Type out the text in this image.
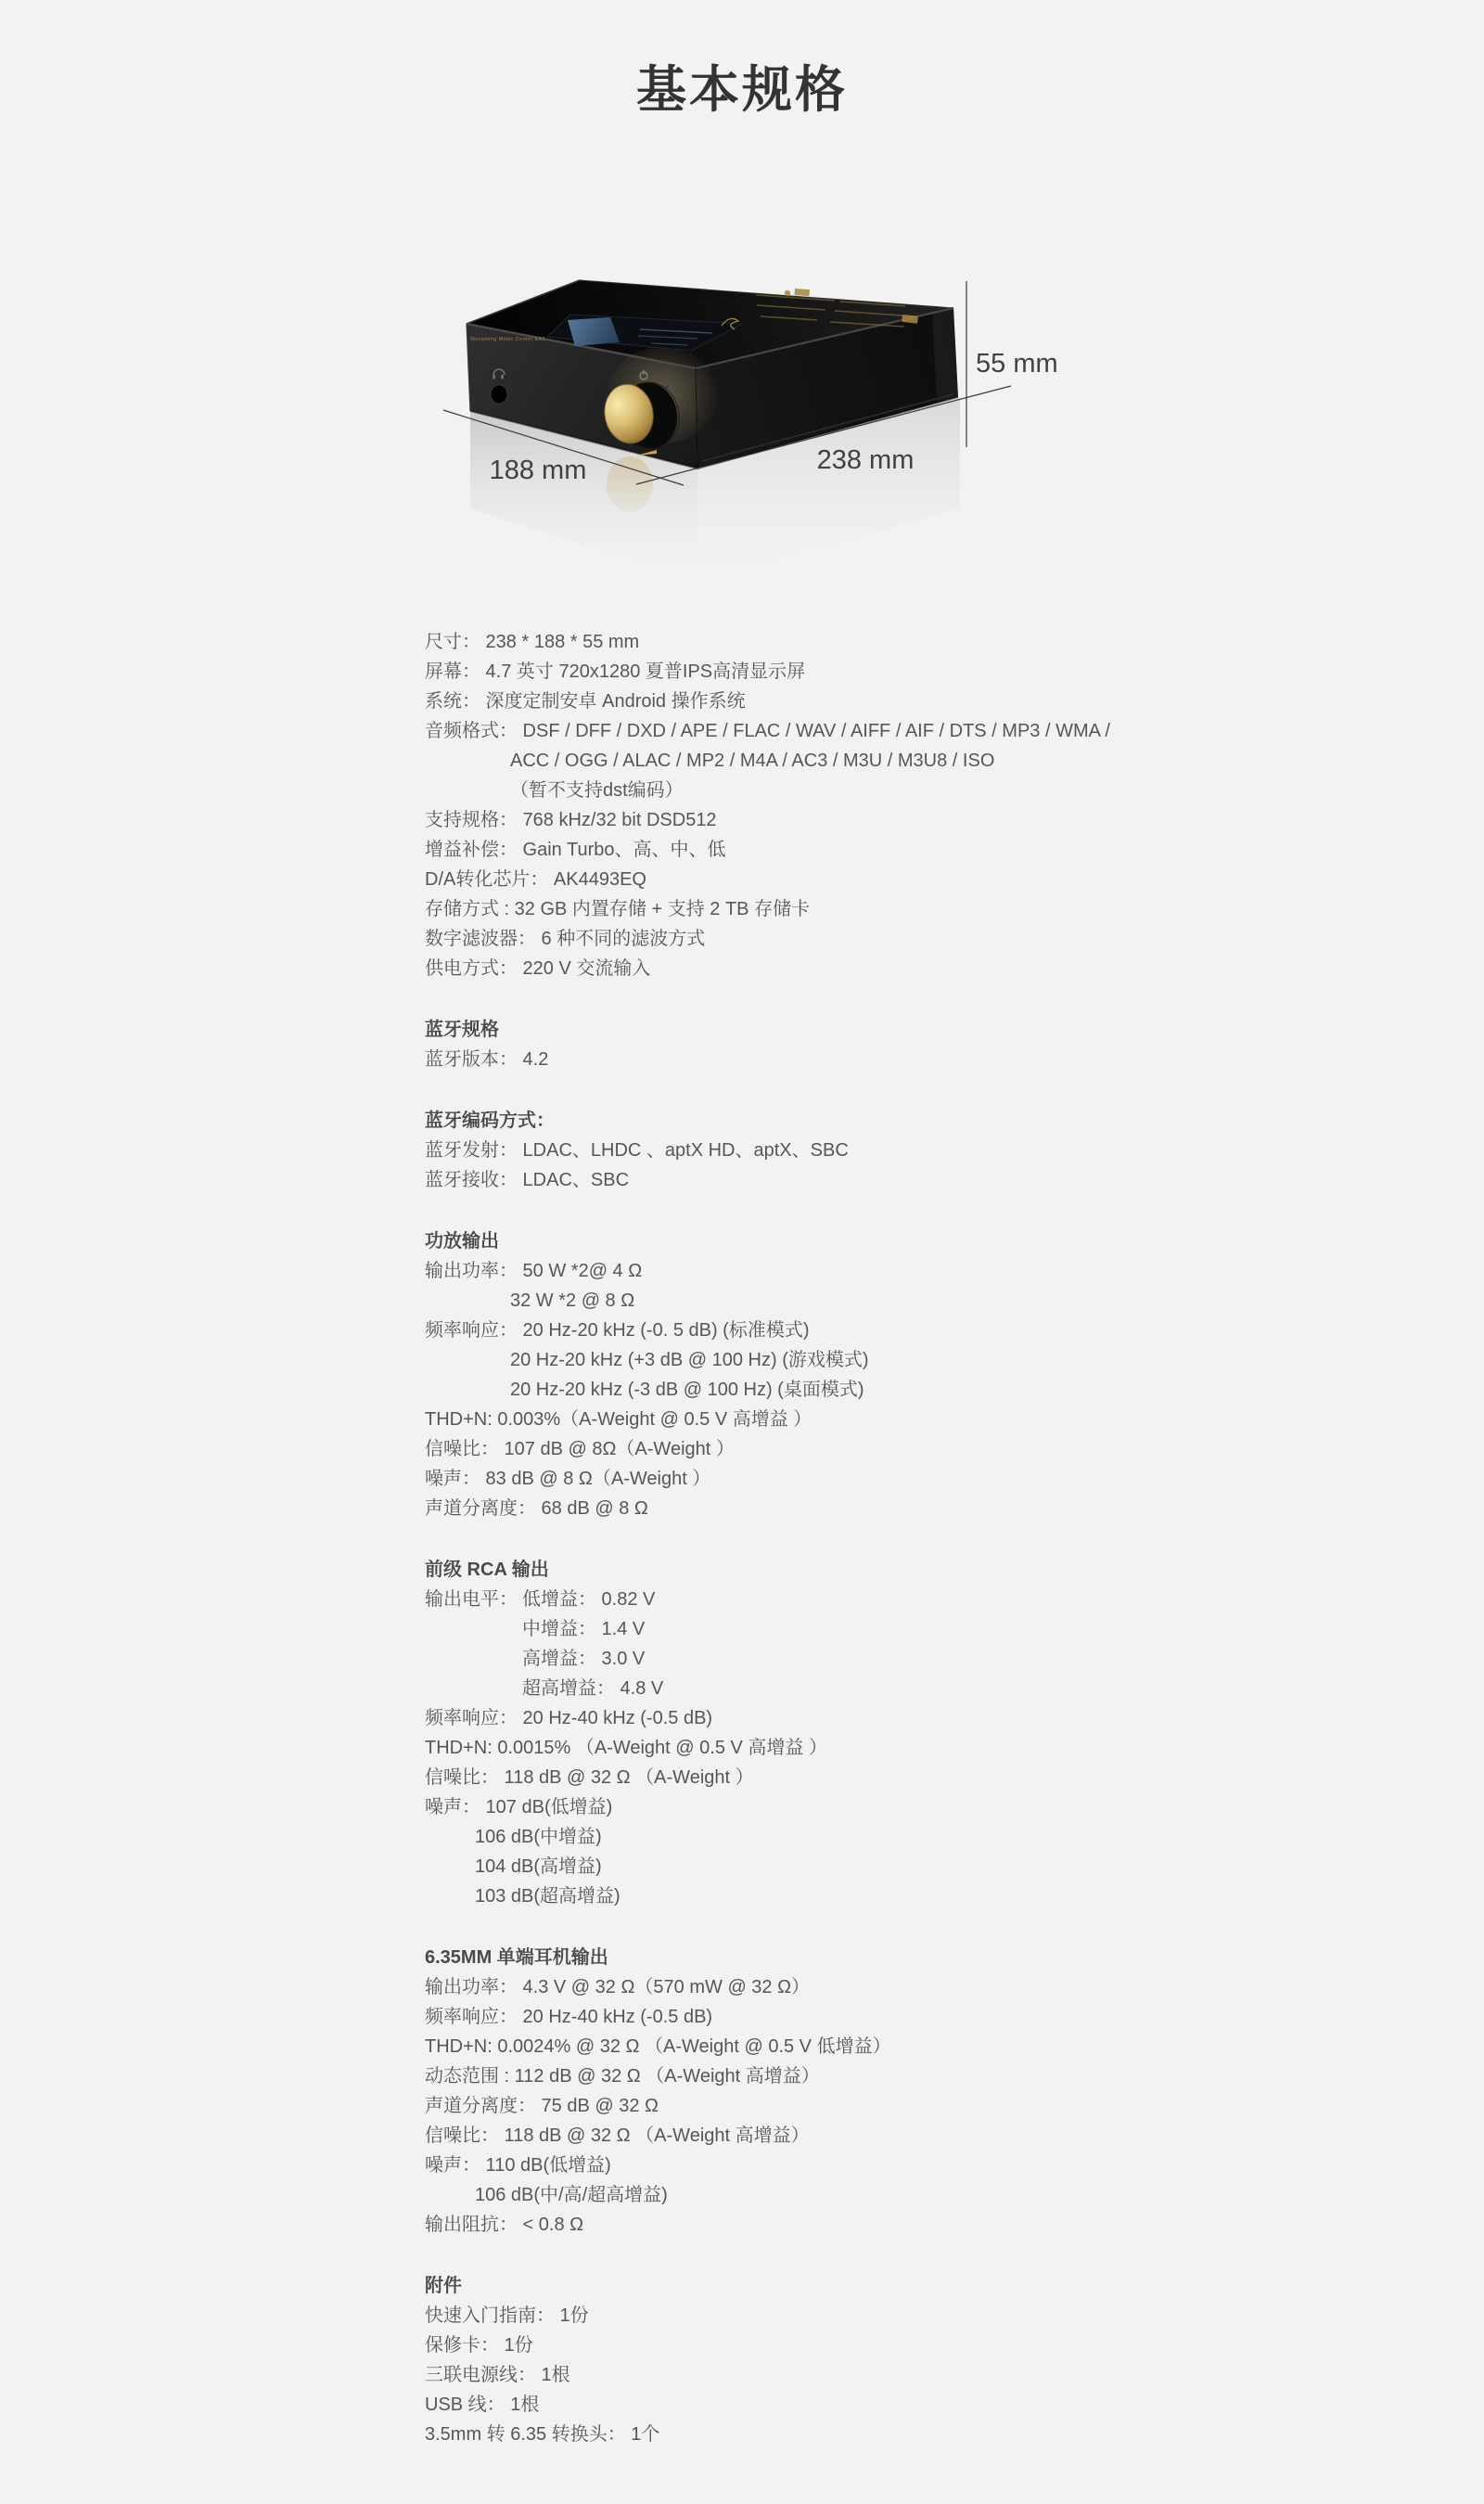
基本规格
Streaming Music Center EA5
55 mm
238 mm
188 mm
尺寸： 238 * 188 * 55 mm
屏幕： 4.7 英寸 720x1280 夏普IPS高清显示屏
系统： 深度定制安卓 Android 操作系统
音频格式： DSF / DFF / DXD / APE / FLAC / WAV / AIFF / AIF / DTS / MP3 / WMA /
ACC / OGG / ALAC / MP2 / M4A / AC3 / M3U / M3U8 / ISO
（暂不支持dst编码）
支持规格： 768 kHz/32 bit DSD512
增益补偿： Gain Turbo、高、中、低
D/A转化芯片： AK4493EQ
存储方式 : 32 GB 内置存储 + 支持 2 TB 存储卡
数字滤波器： 6 种不同的滤波方式
供电方式： 220 V 交流输入
蓝牙规格
蓝牙版本： 4.2
蓝牙编码方式：
蓝牙发射： LDAC、LHDC 、aptX HD、aptX、SBC
蓝牙接收： LDAC、SBC
功放输出
输出功率： 50 W *2@ 4 Ω
32 W *2 @ 8 Ω
频率响应： 20 Hz-20 kHz (-0. 5 dB) (标准模式)
20 Hz-20 kHz (+3 dB @ 100 Hz) (游戏模式)
20 Hz-20 kHz (-3 dB @ 100 Hz) (桌面模式)
THD+N: 0.003%（A-Weight @ 0.5 V 高增益 ）
信噪比： 107 dB @ 8Ω（A-Weight ）
噪声： 83 dB @ 8 Ω（A-Weight ）
声道分离度： 68 dB @ 8 Ω
前级 RCA 输出
输出电平： 低增益： 0.82 V
中增益： 1.4 V
高增益： 3.0 V
超高增益： 4.8 V
频率响应： 20 Hz-40 kHz (-0.5 dB)
THD+N: 0.0015% （A-Weight @ 0.5 V 高增益 ）
信噪比： 118 dB @ 32 Ω （A-Weight ）
噪声： 107 dB(低增益)
106 dB(中增益)
104 dB(高增益)
103 dB(超高增益)
6.35MM 单端耳机输出
输出功率： 4.3 V @ 32 Ω（570 mW @ 32 Ω）
频率响应： 20 Hz-40 kHz (-0.5 dB)
THD+N: 0.0024% @ 32 Ω （A-Weight @ 0.5 V 低增益）
动态范围 : 112 dB @ 32 Ω （A-Weight 高增益）
声道分离度： 75 dB @ 32 Ω
信噪比： 118 dB @ 32 Ω （A-Weight 高增益）
噪声： 110 dB(低增益)
106 dB(中/高/超高增益)
输出阻抗： < 0.8 Ω
附件
快速入门指南： 1份
保修卡： 1份
三联电源线： 1根
USB 线： 1根
3.5mm 转 6.35 转换头： 1个
